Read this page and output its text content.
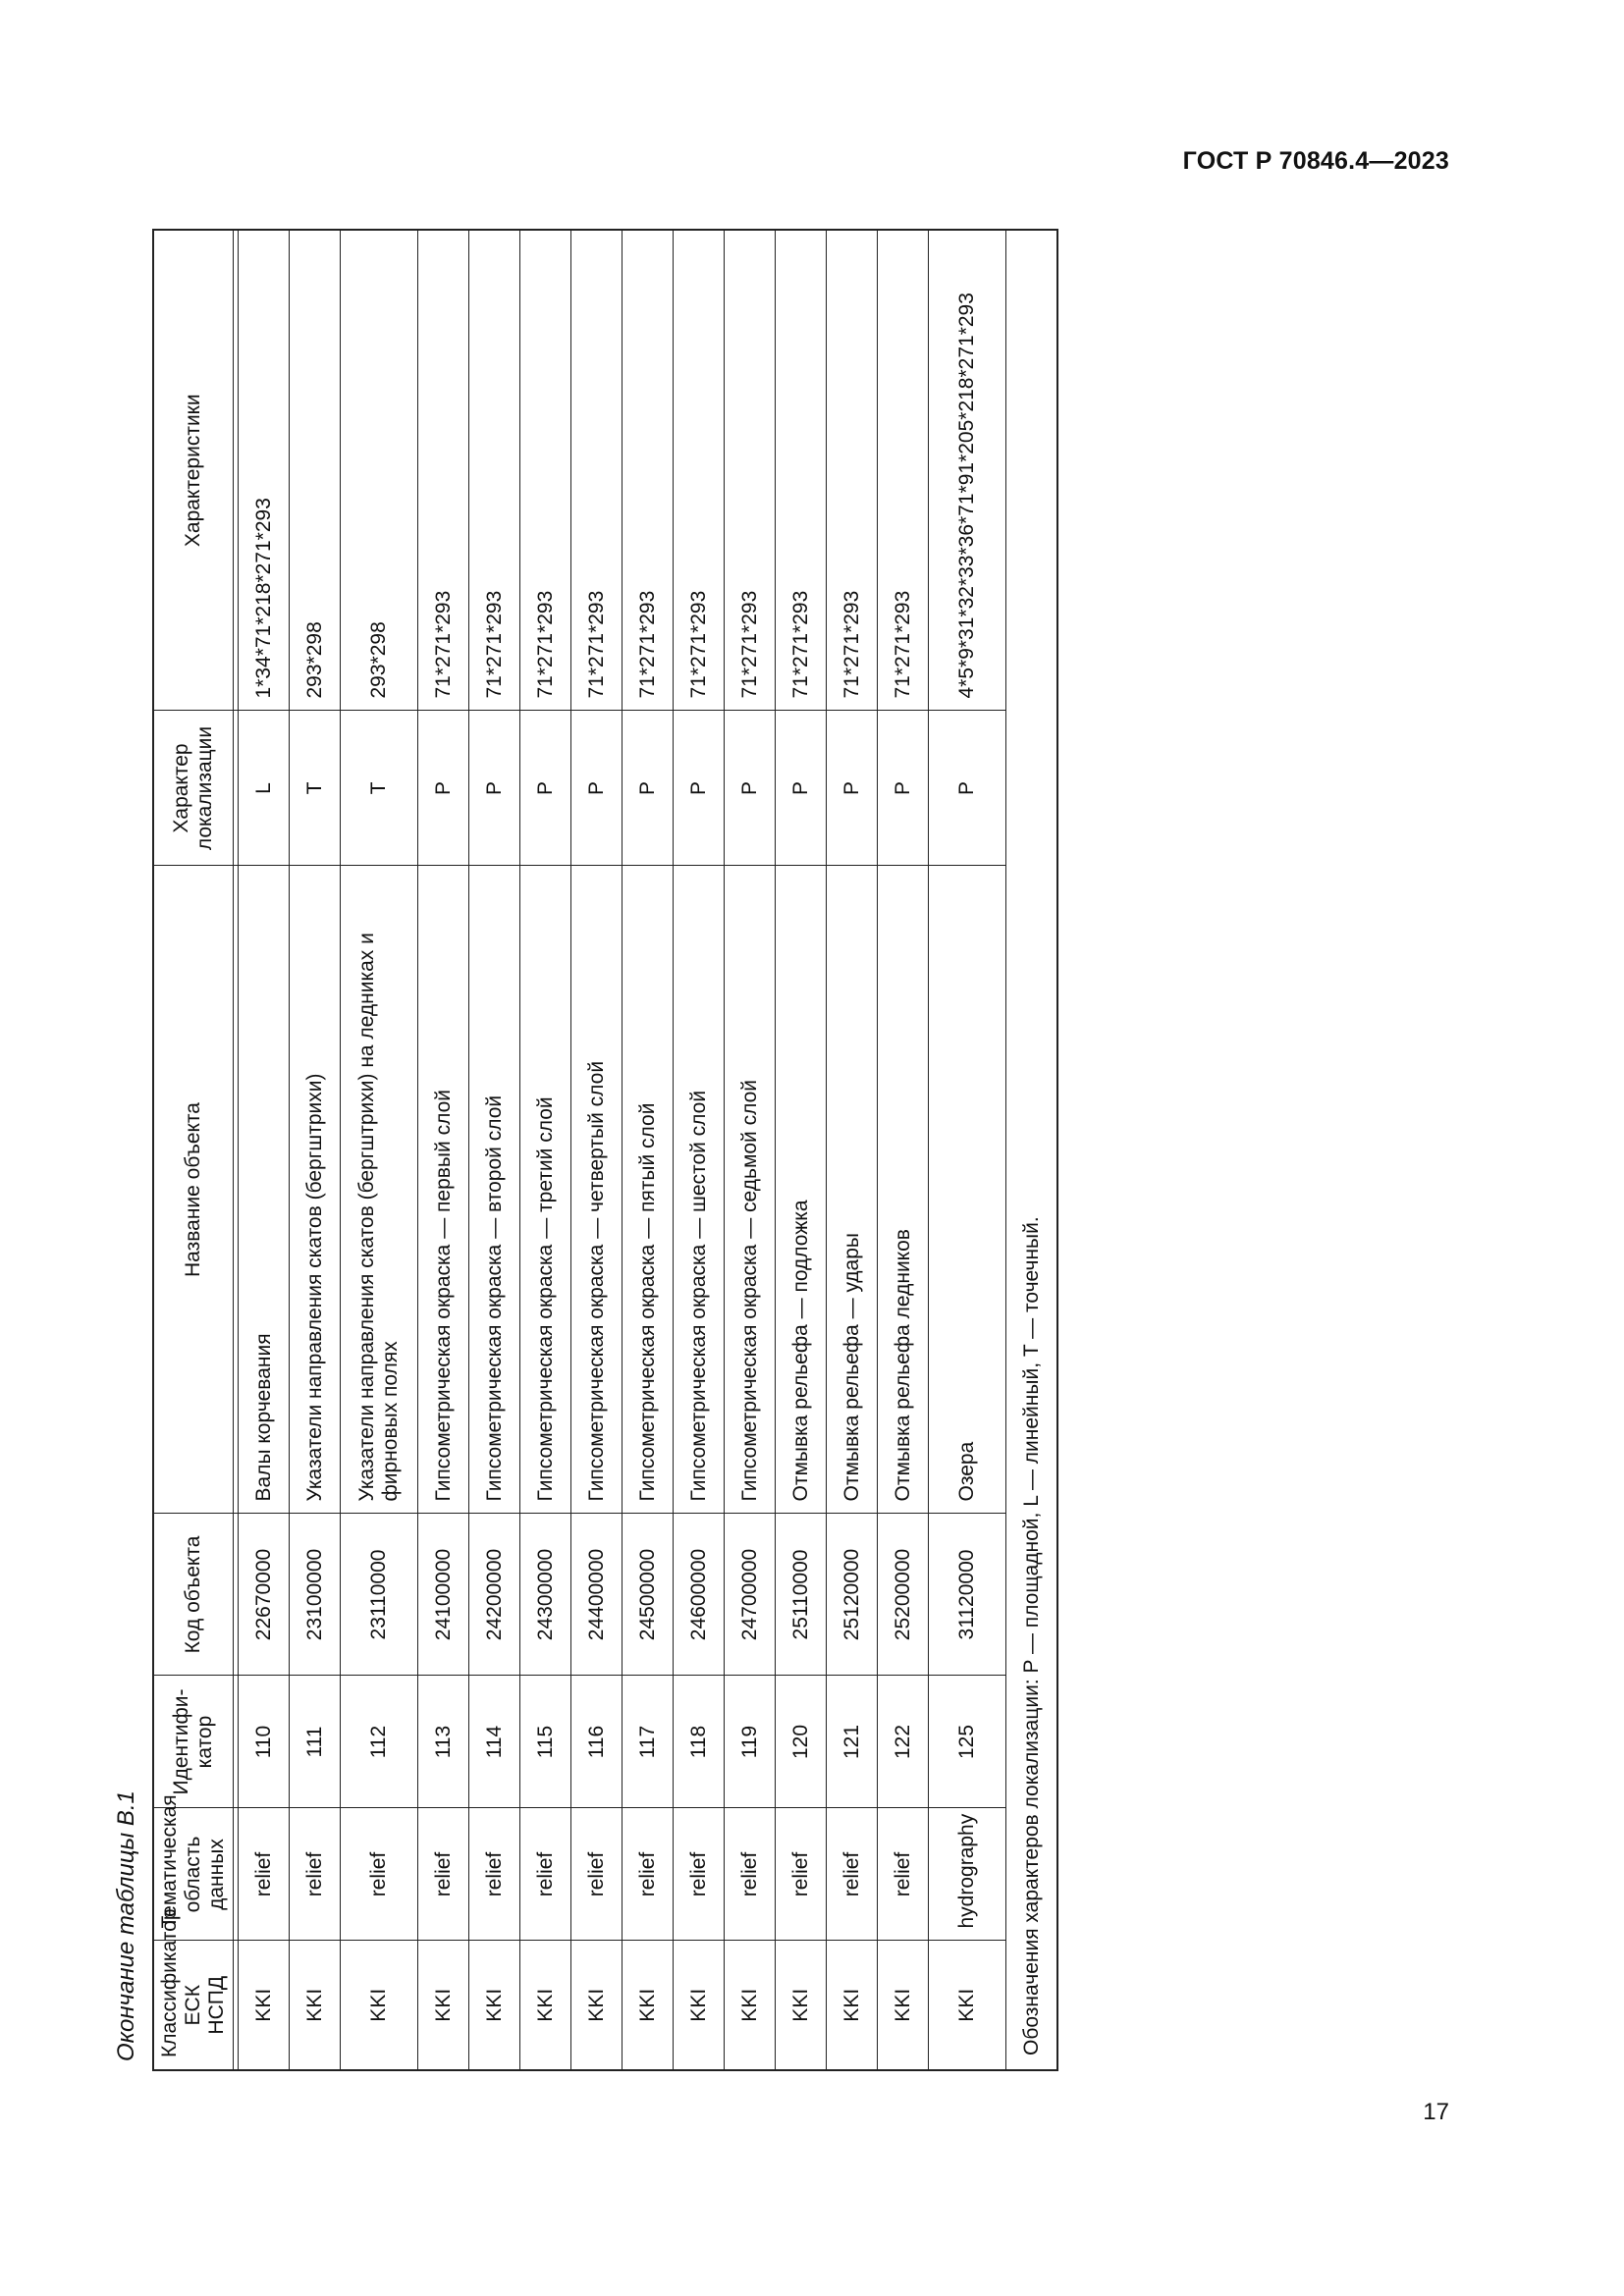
ГОСТ Р 70846.4—2023
Окончание таблицы В.1 Классификатор ЕСК НСПД	Тематическая область данных	Идентифи-катор	Код объекта	Название объекта	Характер локализации	Характеристики

KKI	relief	110	22670000	Валы корчевания	L	1*34*71*218*271*293
KKI	relief	111	23100000	Указатели направления скатов (бергштрихи)	T	293*298
KKI	relief	112	23110000	Указатели направления скатов (бергштрихи) на ледниках и фирновых полях	T	293*298
KKI	relief	113	24100000	Гипсометрическая окраска — первый слой	P	71*271*293
KKI	relief	114	24200000	Гипсометрическая окраска — второй слой	P	71*271*293
KKI	relief	115	24300000	Гипсометрическая окраска — третий слой	P	71*271*293
KKI	relief	116	24400000	Гипсометрическая окраска — четвертый слой	P	71*271*293
KKI	relief	117	24500000	Гипсометрическая окраска — пятый слой	P	71*271*293
KKI	relief	118	24600000	Гипсометрическая окраска — шестой слой	P	71*271*293
KKI	relief	119	24700000	Гипсометрическая окраска — седьмой слой	P	71*271*293
KKI	relief	120	25110000	Отмывка рельефа — подложка	P	71*271*293
KKI	relief	121	25120000	Отмывка рельефа — удары	P	71*271*293
KKI	relief	122	25200000	Отмывка рельефа ледников	P	71*271*293
KKI	hydrography	125	31120000	Озера	P	4*5*9*31*32*33*36*71*91*205*218*271*293
Обозначения характеров локализации: P — площадной, L — линейный, T — точечный.						
17
